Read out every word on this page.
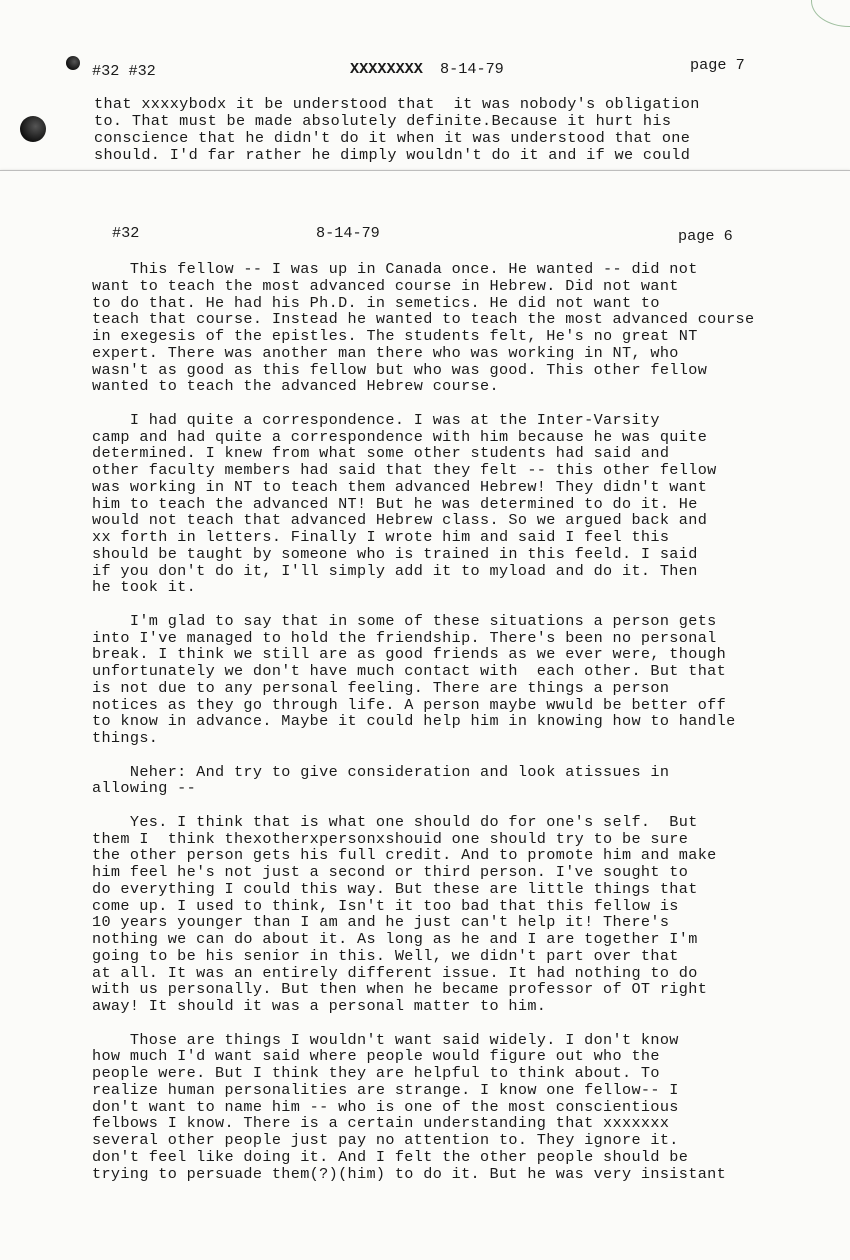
#32 #32	XXXXXXXX 8-14-79	page 7
that xxxxybodx it be understood that  it was nobody's obligation
to. That must be made absolutely definite.Because it hurt his
conscience that he didn't do it when it was understood that one
should. I'd far rather he dimply wouldn't do it and if we could
#32	8-14-79	page 6
This fellow -- I was up in Canada once. He wanted -- did not
want to teach the most advanced course in Hebrew. Did not want
to do that. He had his Ph.D. in semetics. He did not want to
teach that course. Instead he wanted to teach the most advanced course
in exegesis of the epistles. The students felt, He's no great NT
expert. There was another man there who was working in NT, who
wasn't as good as this fellow but who was good. This other fellow
wanted to teach the advanced Hebrew course.
I had quite a correspondence. I was at the Inter-Varsity
camp and had quite a correspondence with him because he was quite
determined. I knew from what some other students had said and
other faculty members had said that they felt -- this other fellow
was working in NT to teach them advanced Hebrew! They didn't want
him to teach the advanced NT! But he was determined to do it. He
would not teach that advanced Hebrew class. So we argued back and
xx forth in letters. Finally I wrote him and said I feel this
should be taught by someone who is trained in this feeld. I said
if you don't do it, I'll simply add it to myload and do it. Then
he took it.
I'm glad to say that in some of these situations a person gets
into I've managed to hold the friendship. There's been no personal
break. I think we still are as good friends as we ever were, though
unfortunately we don't have much contact with  each other. But that
is not due to any personal feeling. There are things a person
notices as they go through life. A person maybe wwuld be better off
to know in advance. Maybe it could help him in knowing how to handle
things.
Neher: And try to give consideration and look atissues in
allowing --
Yes. I think that is what one should do for one's self.  But
them I  think thexotherxpersonxshouid one should try to be sure
the other person gets his full credit. And to promote him and make
him feel he's not just a second or third person. I've sought to
do everything I could this way. But these are little things that
come up. I used to think, Isn't it too bad that this fellow is
10 years younger than I am and he just can't help it! There's
nothing we can do about it. As long as he and I are together I'm
going to be his senior in this. Well, we didn't part over that
at all. It was an entirely different issue. It had nothing to do
with us personally. But then when he became professor of OT right
away! It should it was a personal matter to him.
Those are things I wouldn't want said widely. I don't know
how much I'd want said where people would figure out who the
people were. But I think they are helpful to think about. To
realize human personalities are strange. I know one fellow-- I
don't want to name him -- who is one of the most conscientious
felbows I know. There is a certain understanding that xxxxxxx
several other people just pay no attention to. They ignore it.
don't feel like doing it. And I felt the other people should be
trying to persuade them(?)(him) to do it. But he was very insistant
